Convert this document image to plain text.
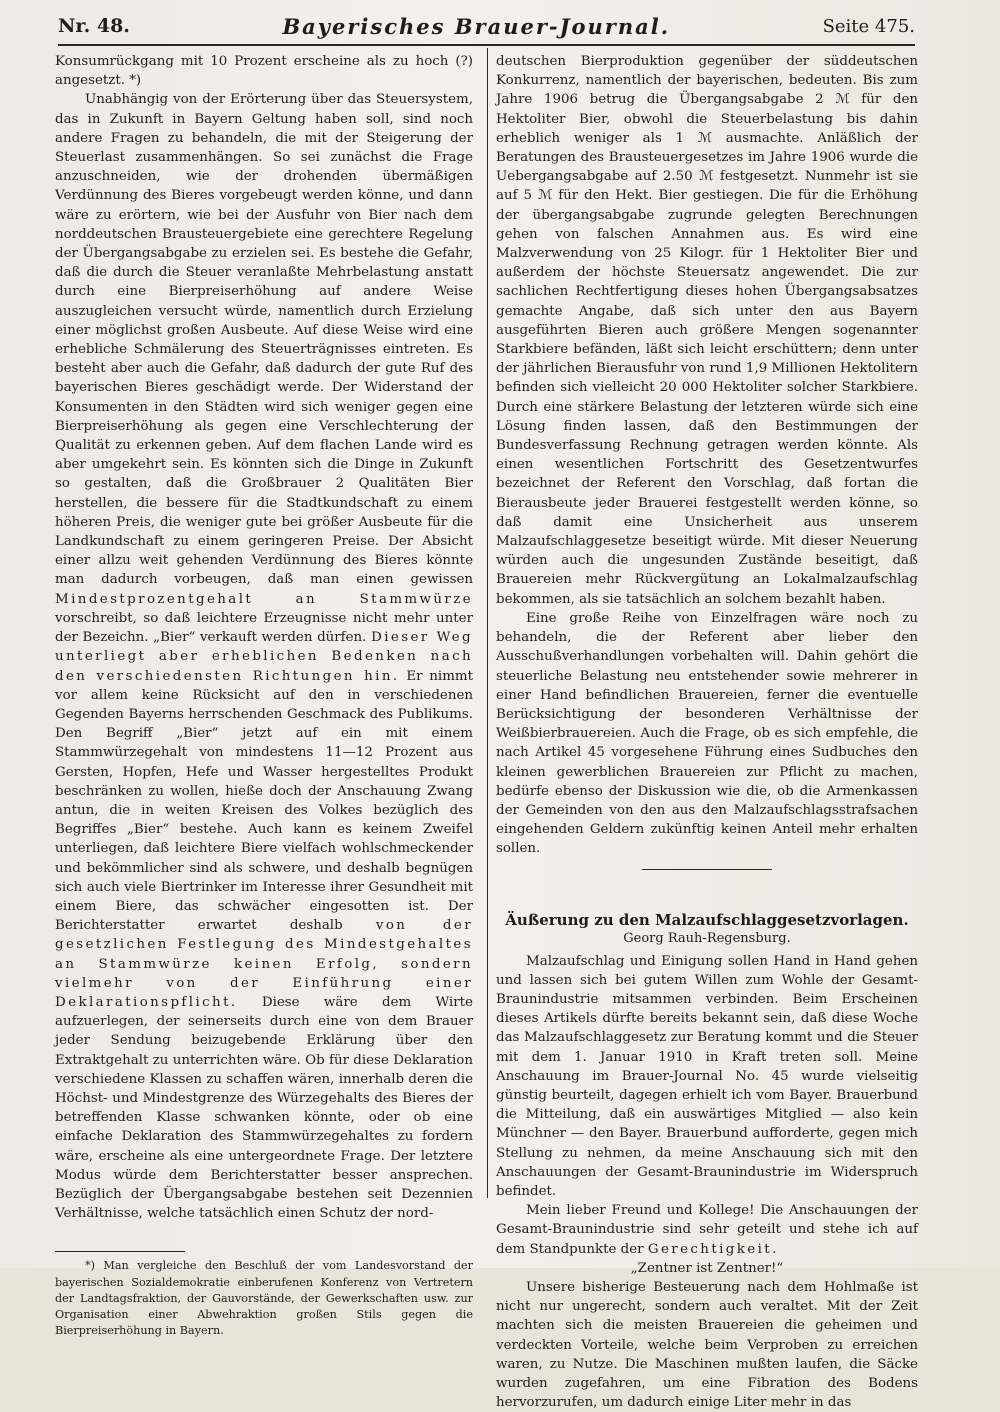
Nr. 48.	Bayerisches Brauer-Journal.	Seite 475.

Konsumrückgang mit 10 Prozent erscheine als zu hoch (?) angesetzt. *)

Unabhängig von der Erörterung über das Steuersystem, das in Zukunft in Bayern Geltung haben soll, sind noch andere Fragen zu behandeln, die mit der Steigerung der Steuerlast zusammenhängen. So sei zunächst die Frage anzuschneiden, wie der drohenden übermäßigen Verdünnung des Bieres vorgebeugt werden könne, und dann wäre zu erörtern, wie bei der Ausfuhr von Bier nach dem norddeutschen Brausteuergebiete eine gerechtere Regelung der Übergangsabgabe zu erzielen sei. Es bestehe die Gefahr, daß die durch die Steuer veranlaßte Mehrbelastung anstatt durch eine Bierpreiserhöhung auf andere Weise auszugleichen versucht würde, namentlich durch Erzielung einer möglichst großen Ausbeute. Auf diese Weise wird eine erhebliche Schmälerung des Steuerträgnisses eintreten. Es besteht aber auch die Gefahr, daß dadurch der gute Ruf des bayerischen Bieres geschädigt werde. Der Widerstand der Konsumenten in den Städten wird sich weniger gegen eine Bierpreiserhöhung als gegen eine Verschlechterung der Qualität zu erkennen geben. Auf dem flachen Lande wird es aber umgekehrt sein. Es könnten sich die Dinge in Zukunft so gestalten, daß die Großbrauer 2 Qualitäten Bier herstellen, die bessere für die Stadtkundschaft zu einem höheren Preis, die weniger gute bei größer Ausbeute für die Landkundschaft zu einem geringeren Preise. Der Absicht einer allzu weit gehenden Verdünnung des Bieres könnte man dadurch vorbeugen, daß man einen gewissen Mindestprozentgehalt an Stammwürze vorschreibt, so daß leichtere Erzeugnisse nicht mehr unter der Bezeichn. „Bier“ verkauft werden dürfen. Dieser Weg unterliegt aber erheblichen Bedenken nach den verschiedensten Richtungen hin. Er nimmt vor allem keine Rücksicht auf den in verschiedenen Gegenden Bayerns herrschenden Geschmack des Publikums. Den Begriff „Bier“ jetzt auf ein mit einem Stammwürzegehalt von mindestens 11—12 Prozent aus Gersten, Hopfen, Hefe und Wasser hergestelltes Produkt beschränken zu wollen, hieße doch der Anschauung Zwang antun, die in weiten Kreisen des Volkes bezüglich des Begriffes „Bier“ bestehe. Auch kann es keinem Zweifel unterliegen, daß leichtere Biere vielfach wohlschmeckender und bekömmlicher sind als schwere, und deshalb begnügen sich auch viele Biertrinker im Interesse ihrer Gesundheit mit einem Biere, das schwächer eingesotten ist. Der Berichterstatter erwartet deshalb von der gesetzlichen Festlegung des Mindestgehaltes an Stammwürze keinen Erfolg, sondern vielmehr von der Einführung einer Deklarationspflicht. Diese wäre dem Wirte aufzuerlegen, der seinerseits durch eine von dem Brauer jeder Sendung beizugebende Erklärung über den Extraktgehalt zu unterrichten wäre. Ob für diese Deklaration verschiedene Klassen zu schaffen wären, innerhalb deren die Höchst- und Mindestgrenze des Würzegehalts des Bieres der betreffenden Klasse schwanken könnte, oder ob eine einfache Deklaration des Stammwürzegehaltes zu fordern wäre, erscheine als eine untergeordnete Frage. Der letztere Modus würde dem Berichterstatter besser ansprechen. Bezüglich der Übergangsabgabe bestehen seit Dezennien Verhältnisse, welche tatsächlich einen Schutz der nord-

*) Man vergleiche den Beschluß der vom Landesvorstand der bayerischen Sozialdemokratie einberufenen Konferenz von Vertretern der Landtagsfraktion, der Gauvorstände, der Gewerkschaften usw. zur Organisation einer Abwehraktion großen Stils gegen die Bierpreiserhöhung in Bayern.

deutschen Bierproduktion gegenüber der süddeutschen Konkurrenz, namentlich der bayerischen, bedeuten. Bis zum Jahre 1906 betrug die Übergangsabgabe 2 ℳ für den Hektoliter Bier, obwohl die Steuerbelastung bis dahin erheblich weniger als 1 ℳ ausmachte. Anläßlich der Beratungen des Brausteuergesetzes im Jahre 1906 wurde die Uebergangsabgabe auf 2.50 ℳ festgesetzt. Nunmehr ist sie auf 5 ℳ für den Hekt. Bier gestiegen. Die für die Erhöhung der übergangsabgabe zugrunde gelegten Berechnungen gehen von falschen Annahmen aus. Es wird eine Malzverwendung von 25 Kilogr. für 1 Hektoliter Bier und außerdem der höchste Steuersatz angewendet. Die zur sachlichen Rechtfertigung dieses hohen Übergangsabsatzes gemachte Angabe, daß sich unter den aus Bayern ausgeführten Bieren auch größere Mengen sogenannter Starkbiere befänden, läßt sich leicht erschüttern; denn unter der jährlichen Bierausfuhr von rund 1,9 Millionen Hektolitern befinden sich vielleicht 20 000 Hektoliter solcher Starkbiere. Durch eine stärkere Belastung der letzteren würde sich eine Lösung finden lassen, daß den Bestimmungen der Bundesverfassung Rechnung getragen werden könnte. Als einen wesentlichen Fortschritt des Gesetzentwurfes bezeichnet der Referent den Vorschlag, daß fortan die Bierausbeute jeder Brauerei festgestellt werden könne, so daß damit eine Unsicherheit aus unserem Malzaufschlaggesetze beseitigt würde. Mit dieser Neuerung würden auch die ungesunden Zustände beseitigt, daß Brauereien mehr Rückvergütung an Lokalmalzaufschlag bekommen, als sie tatsächlich an solchem bezahlt haben.

Eine große Reihe von Einzelfragen wäre noch zu behandeln, die der Referent aber lieber den Ausschußverhandlungen vorbehalten will. Dahin gehört die steuerliche Belastung neu entstehender sowie mehrerer in einer Hand befindlichen Brauereien, ferner die eventuelle Berücksichtigung der besonderen Verhältnisse der Weißbierbrauereien. Auch die Frage, ob es sich empfehle, die nach Artikel 45 vorgesehene Führung eines Sudbuches den kleinen gewerblichen Brauereien zur Pflicht zu machen, bedürfe ebenso der Diskussion wie die, ob die Armenkassen der Gemeinden von den aus den Malzaufschlagsstrafsachen eingehenden Geldern zukünftig keinen Anteil mehr erhalten sollen.

Äußerung zu den Malzaufschlaggesetzvorlagen.
Georg Rauh-Regensburg.

Malzaufschlag und Einigung sollen Hand in Hand gehen und lassen sich bei gutem Willen zum Wohle der Gesamt-Braunindustrie mitsammen verbinden. Beim Erscheinen dieses Artikels dürfte bereits bekannt sein, daß diese Woche das Malzaufschlaggesetz zur Beratung kommt und die Steuer mit dem 1. Januar 1910 in Kraft treten soll. Meine Anschauung im Brauer-Journal No. 45 wurde vielseitig günstig beurteilt, dagegen erhielt ich vom Bayer. Brauerbund die Mitteilung, daß ein auswärtiges Mitglied — also kein Münchner — den Bayer. Brauerbund aufforderte, gegen mich Stellung zu nehmen, da meine Anschauung sich mit den Anschauungen der Gesamt-Braunindustrie im Widerspruch befindet.

Mein lieber Freund und Kollege! Die Anschauungen der Gesamt-Braunindustrie sind sehr geteilt und stehe ich auf dem Standpunkte der Gerechtigkeit.

„Zentner ist Zentner!“

Unsere bisherige Besteuerung nach dem Hohlmaße ist nicht nur ungerecht, sondern auch veraltet. Mit der Zeit machten sich die meisten Brauereien die geheimen und verdeckten Vorteile, welche beim Verproben zu erreichen waren, zu Nutze. Die Maschinen mußten laufen, die Säcke wurden zugefahren, um eine Fibration des Bodens hervorzurufen, um dadurch einige Liter mehr in das
